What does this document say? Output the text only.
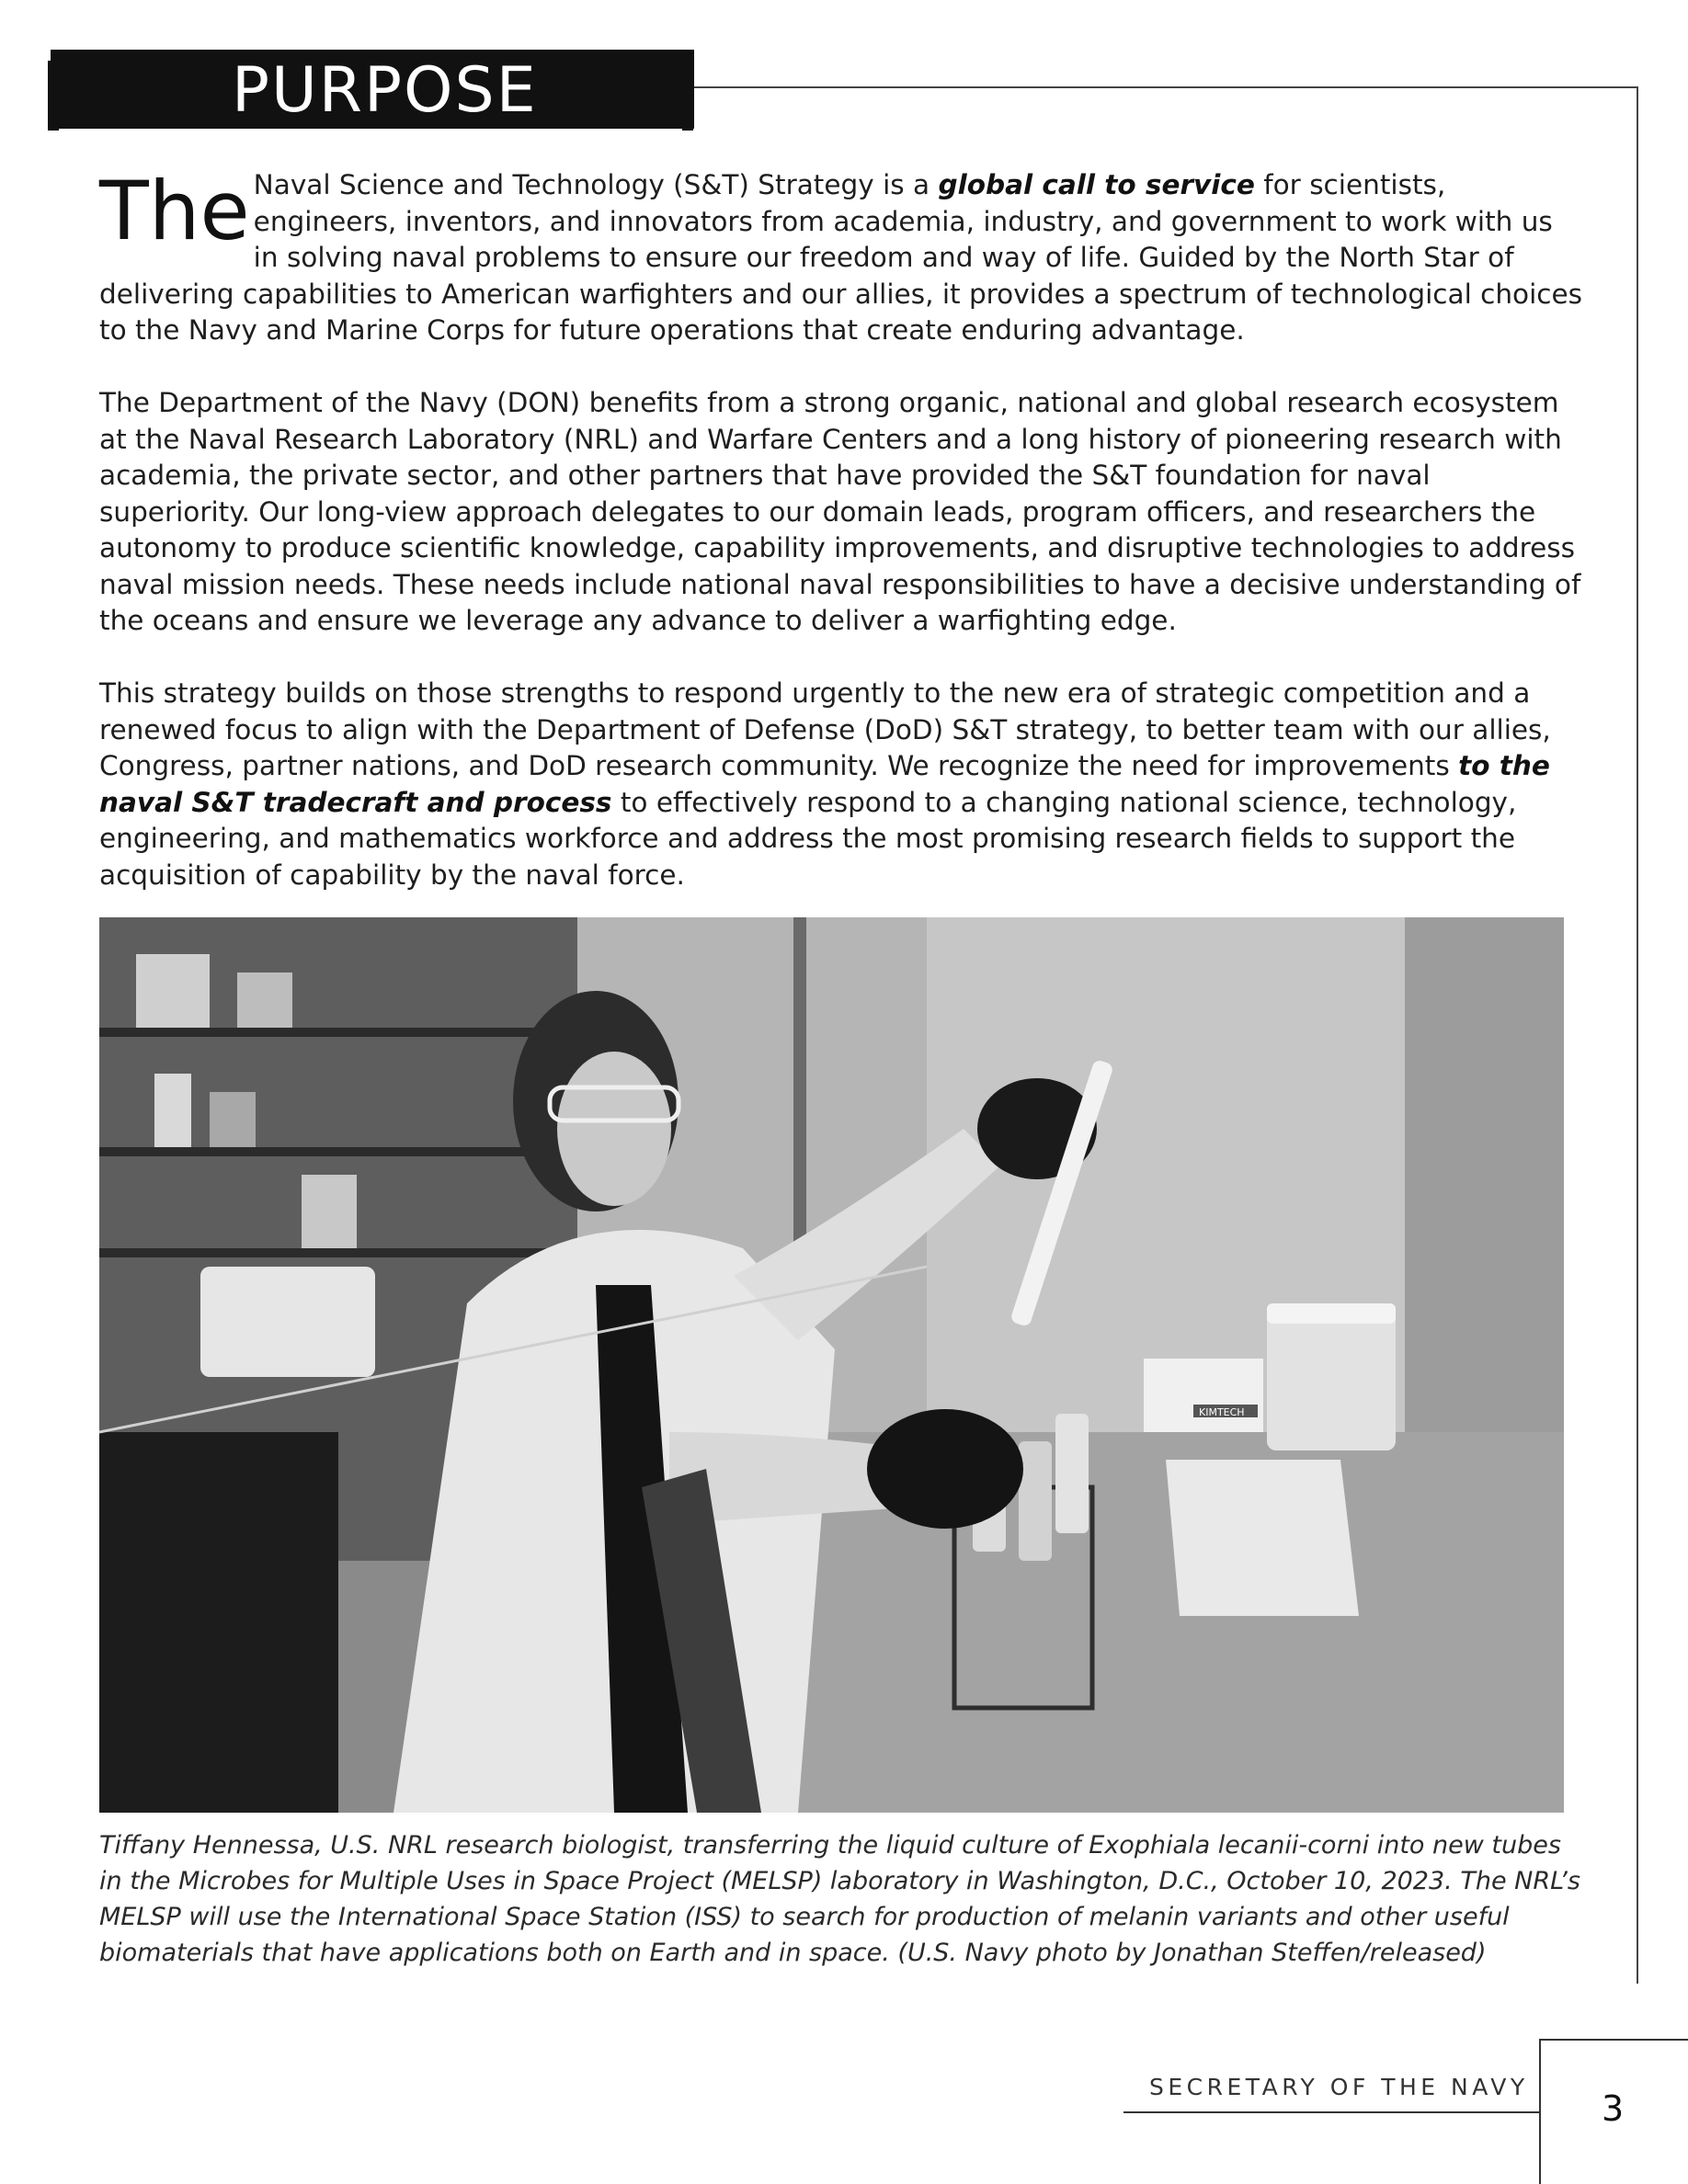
PURPOSE

The Naval Science and Technology (S&T) Strategy is a global call to service for scientists, engineers, inventors, and innovators from academia, industry, and government to work with us in solving naval problems to ensure our freedom and way of life. Guided by the North Star of delivering capabilities to American warfighters and our allies, it provides a spectrum of technological choices to the Navy and Marine Corps for future operations that create enduring advantage.

The Department of the Navy (DON) benefits from a strong organic, national and global research ecosystem at the Naval Research Laboratory (NRL) and Warfare Centers and a long history of pioneering research with academia, the private sector, and other partners that have provided the S&T foundation for naval superiority. Our long-view approach delegates to our domain leads, program officers, and researchers the autonomy to produce scientific knowledge, capability improvements, and disruptive technologies to address naval mission needs. These needs include national naval responsibilities to have a decisive understanding of the oceans and ensure we leverage any advance to deliver a warfighting edge.

This strategy builds on those strengths to respond urgently to the new era of strategic competition and a renewed focus to align with the Department of Defense (DoD) S&T strategy, to better team with our allies, Congress, partner nations, and DoD research community. We recognize the need for improvements to the naval S&T tradecraft and process to effectively respond to a changing national science, technology, engineering, and mathematics workforce and address the most promising research fields to support the acquisition of capability by the naval force.

KIMTECH

Tiffany Hennessa, U.S. NRL research biologist, transferring the liquid culture of Exophiala lecanii-corni into new tubes in the Microbes for Multiple Uses in Space Project (MELSP) laboratory in Washington, D.C., October 10, 2023. The NRL’s MELSP will use the International Space Station (ISS) to search for production of melanin variants and other useful biomaterials that have applications both on Earth and in space. (U.S. Navy photo by Jonathan Steffen/released)

SECRETARY OF THE NAVY
3
